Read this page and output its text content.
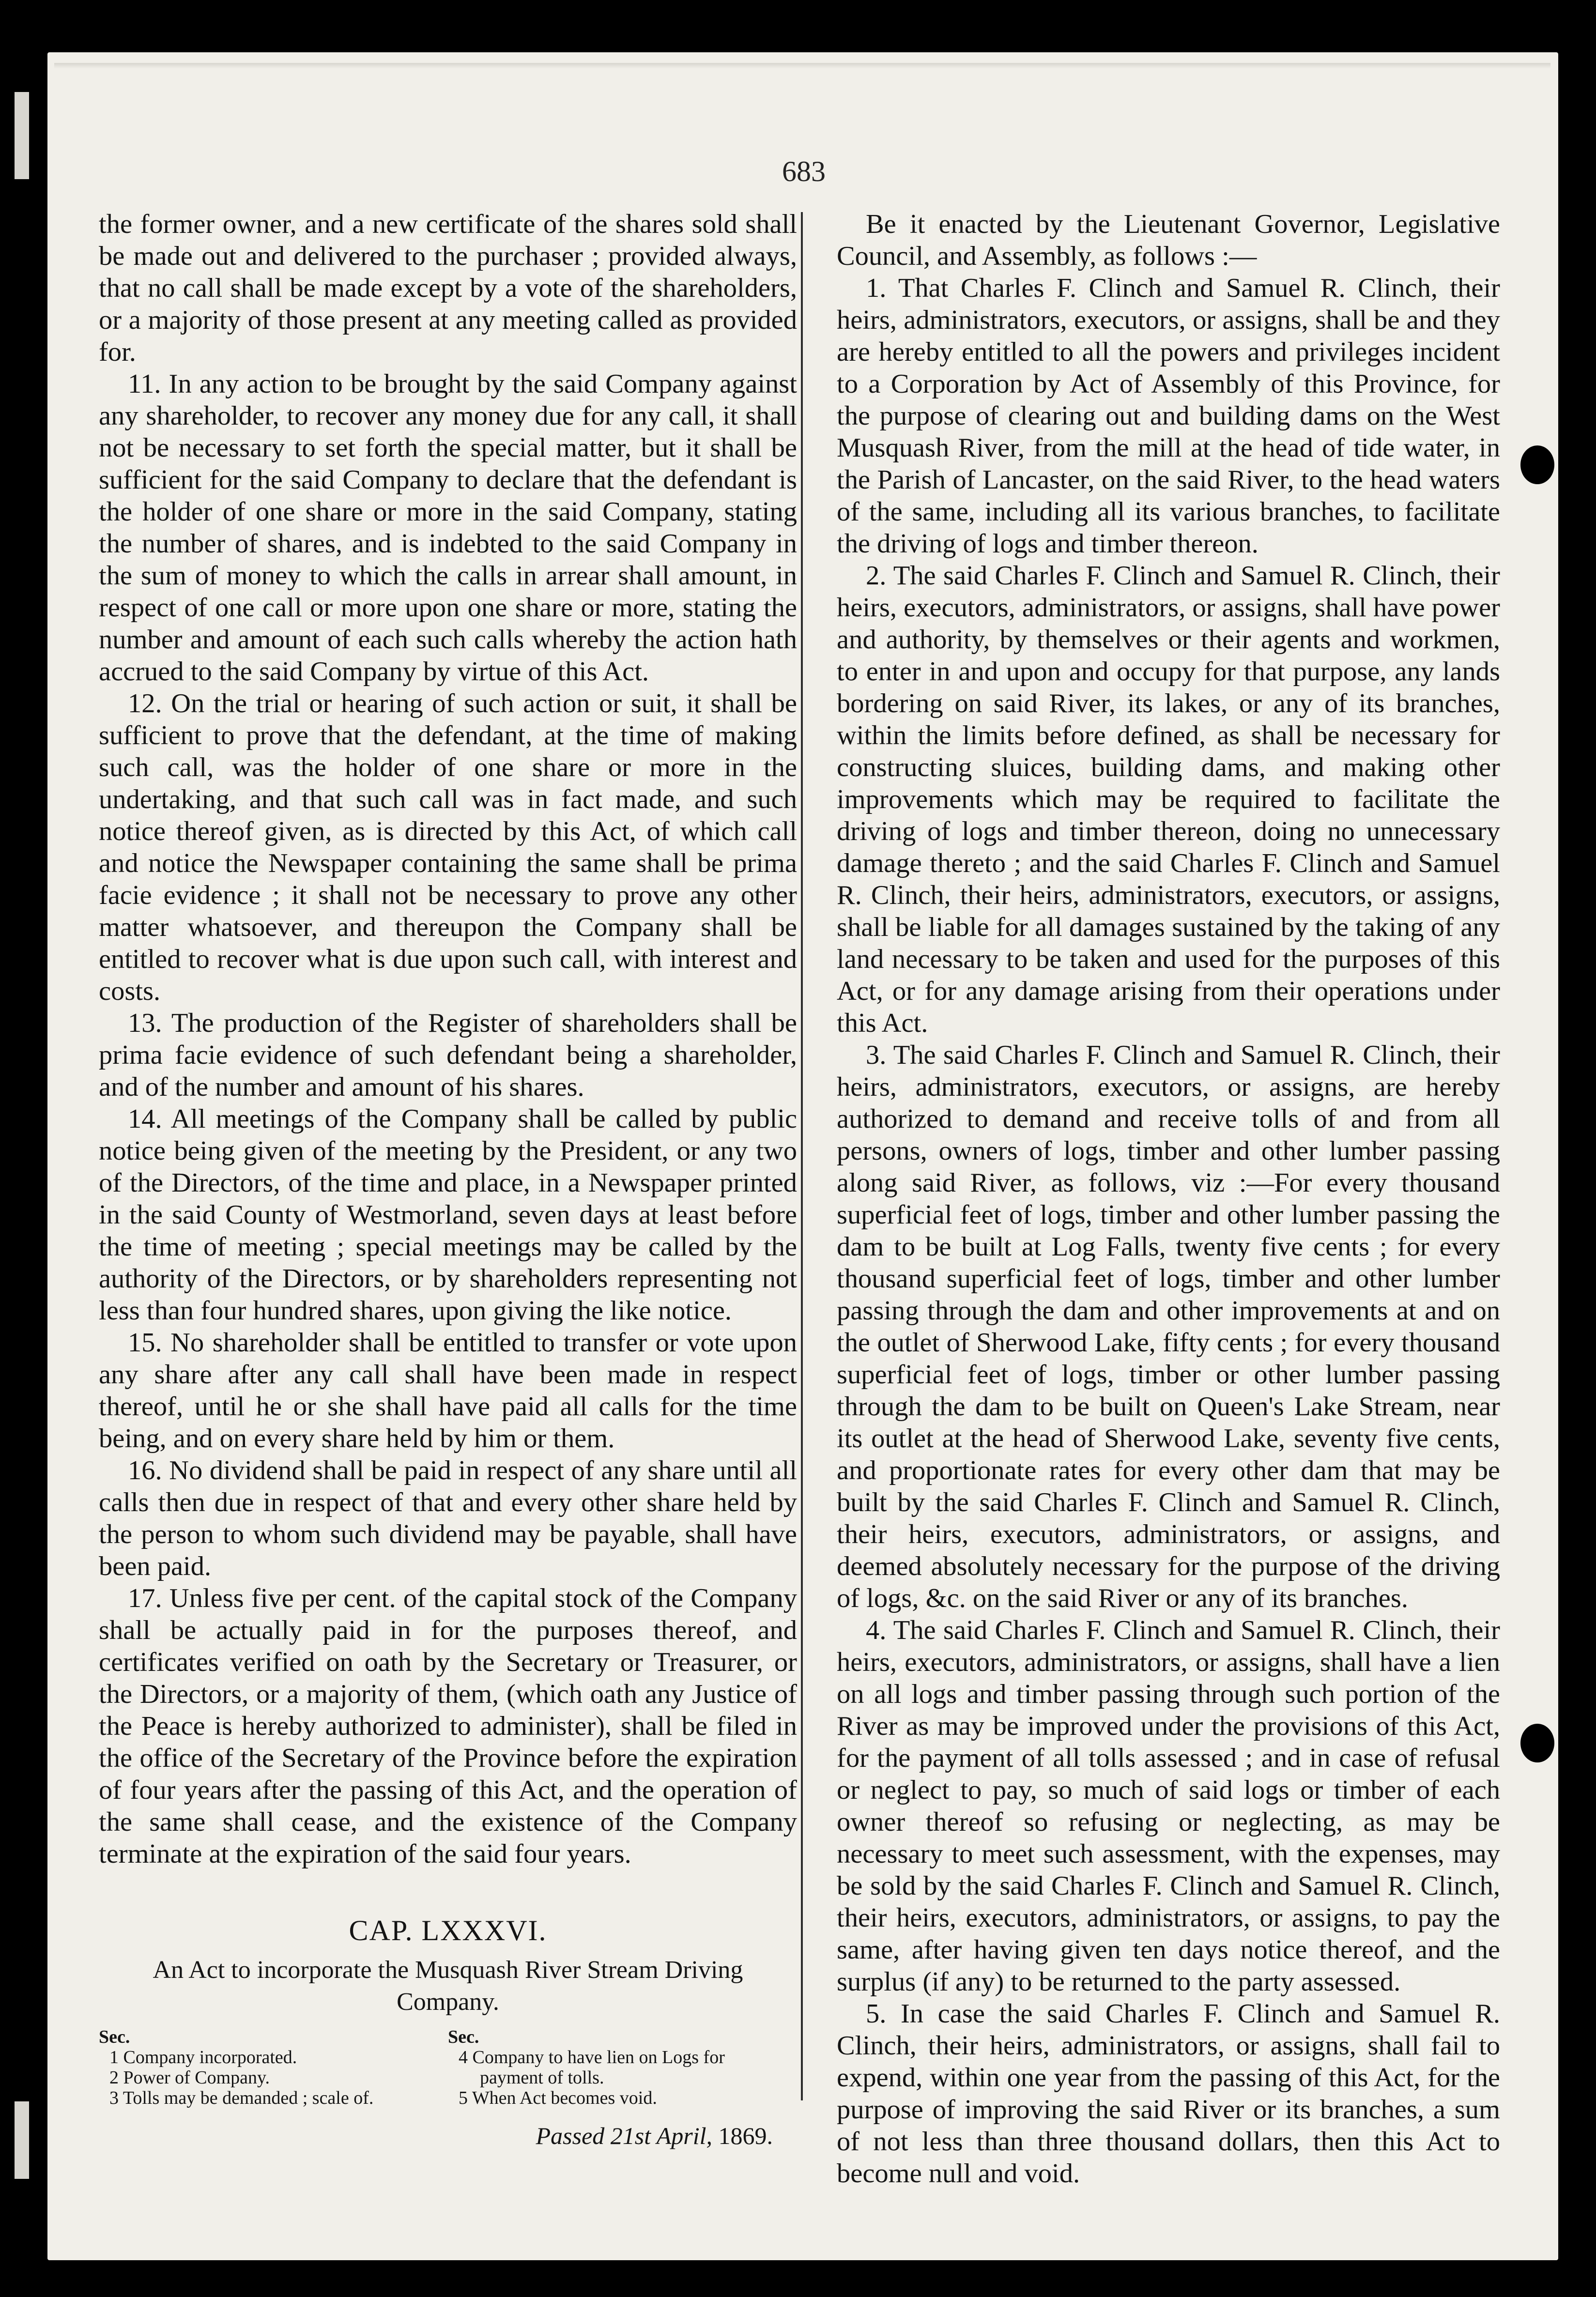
683

the former owner, and a new certificate of the shares sold shall be made out and delivered to the purchaser ; provided always, that no call shall be made except by a vote of the shareholders, or a majority of those present at any meeting called as provided for.

11. In any action to be brought by the said Company against any shareholder, to recover any money due for any call, it shall not be necessary to set forth the special matter, but it shall be sufficient for the said Company to declare that the defendant is the holder of one share or more in the said Company, stating the number of shares, and is indebted to the said Company in the sum of money to which the calls in arrear shall amount, in respect of one call or more upon one share or more, stating the number and amount of each such calls whereby the action hath accrued to the said Company by virtue of this Act.

12. On the trial or hearing of such action or suit, it shall be sufficient to prove that the defendant, at the time of making such call, was the holder of one share or more in the undertaking, and that such call was in fact made, and such notice thereof given, as is directed by this Act, of which call and notice the Newspaper containing the same shall be prima facie evidence ; it shall not be necessary to prove any other matter whatsoever, and thereupon the Company shall be entitled to recover what is due upon such call, with interest and costs.

13. The production of the Register of shareholders shall be prima facie evidence of such defendant being a shareholder, and of the number and amount of his shares.

14. All meetings of the Company shall be called by public notice being given of the meeting by the President, or any two of the Directors, of the time and place, in a Newspaper printed in the said County of Westmorland, seven days at least before the time of meeting ; special meetings may be called by the authority of the Directors, or by shareholders representing not less than four hundred shares, upon giving the like notice.

15. No shareholder shall be entitled to transfer or vote upon any share after any call shall have been made in respect thereof, until he or she shall have paid all calls for the time being, and on every share held by him or them.

16. No dividend shall be paid in respect of any share until all calls then due in respect of that and every other share held by the person to whom such dividend may be payable, shall have been paid.

17. Unless five per cent. of the capital stock of the Company shall be actually paid in for the purposes thereof, and certificates verified on oath by the Secretary or Treasurer, or the Directors, or a majority of them, (which oath any Justice of the Peace is hereby authorized to administer), shall be filed in the office of the Secretary of the Province before the expiration of four years after the passing of this Act, and the operation of the same shall cease, and the existence of the Company terminate at the expiration of the said four years.

CAP. LXXXVI.
An Act to incorporate the Musquash River Stream Driving Company.
Sec.
1 Company incorporated.
2 Power of Company.
3 Tolls may be demanded ; scale of.
Sec.
4 Company to have lien on Logs for
payment of tolls.
5 When Act becomes void.
Passed 21st April, 1869.

Be it enacted by the Lieutenant Governor, Legislative Council, and Assembly, as follows :—

1. That Charles F. Clinch and Samuel R. Clinch, their heirs, administrators, executors, or assigns, shall be and they are hereby entitled to all the powers and privileges incident to a Corporation by Act of Assembly of this Province, for the purpose of clearing out and building dams on the West Musquash River, from the mill at the head of tide water, in the Parish of Lancaster, on the said River, to the head waters of the same, including all its various branches, to facilitate the driving of logs and timber thereon.

2. The said Charles F. Clinch and Samuel R. Clinch, their heirs, executors, administrators, or assigns, shall have power and authority, by themselves or their agents and workmen, to enter in and upon and occupy for that purpose, any lands bordering on said River, its lakes, or any of its branches, within the limits before defined, as shall be necessary for constructing sluices, building dams, and making other improvements which may be required to facilitate the driving of logs and timber thereon, doing no unnecessary damage thereto ; and the said Charles F. Clinch and Samuel R. Clinch, their heirs, administrators, executors, or assigns, shall be liable for all damages sustained by the taking of any land necessary to be taken and used for the purposes of this Act, or for any damage arising from their operations under this Act.

3. The said Charles F. Clinch and Samuel R. Clinch, their heirs, administrators, executors, or assigns, are hereby authorized to demand and receive tolls of and from all persons, owners of logs, timber and other lumber passing along said River, as follows, viz :—For every thousand superficial feet of logs, timber and other lumber passing the dam to be built at Log Falls, twenty five cents ; for every thousand superficial feet of logs, timber and other lumber passing through the dam and other improvements at and on the outlet of Sherwood Lake, fifty cents ; for every thousand superficial feet of logs, timber or other lumber passing through the dam to be built on Queen's Lake Stream, near its outlet at the head of Sherwood Lake, seventy five cents, and proportionate rates for every other dam that may be built by the said Charles F. Clinch and Samuel R. Clinch, their heirs, executors, administrators, or assigns, and deemed absolutely necessary for the purpose of the driving of logs, &c. on the said River or any of its branches.

4. The said Charles F. Clinch and Samuel R. Clinch, their heirs, executors, administrators, or assigns, shall have a lien on all logs and timber passing through such portion of the River as may be improved under the provisions of this Act, for the payment of all tolls assessed ; and in case of refusal or neglect to pay, so much of said logs or timber of each owner thereof so refusing or neglecting, as may be necessary to meet such assessment, with the expenses, may be sold by the said Charles F. Clinch and Samuel R. Clinch, their heirs, executors, administrators, or assigns, to pay the same, after having given ten days notice thereof, and the surplus (if any) to be returned to the party assessed.

5. In case the said Charles F. Clinch and Samuel R. Clinch, their heirs, administrators, or assigns, shall fail to expend, within one year from the passing of this Act, for the purpose of improving the said River or its branches, a sum of not less than three thousand dollars, then this Act to become null and void.
